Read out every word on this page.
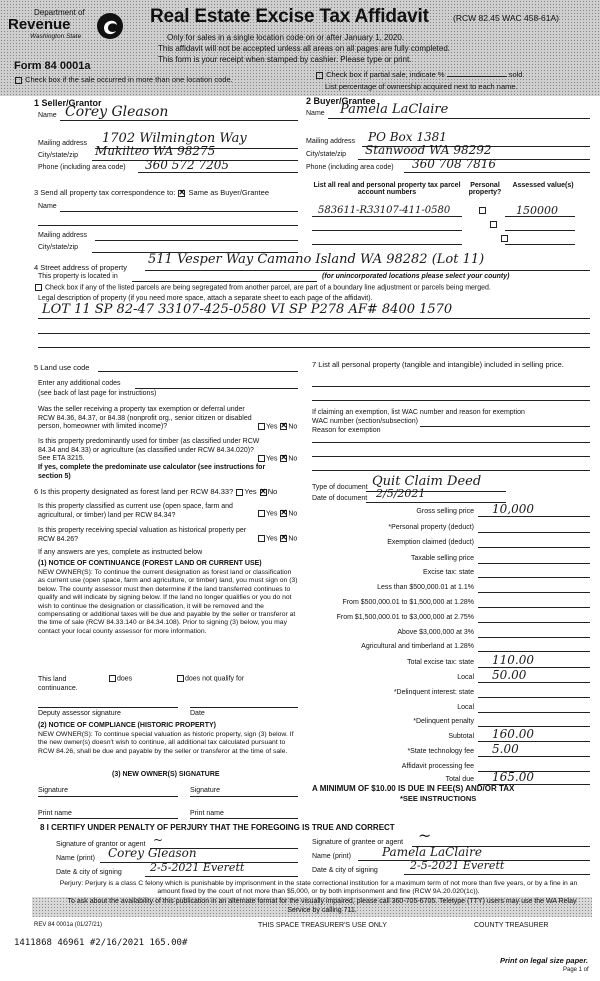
Department of
Revenue
Washington State
Form 84 0001a
Real Estate Excise Tax Affidavit	(RCW 82.45 WAC 458-61A)
Only for sales in a single location code on or after January 1, 2020.
This affidavit will not be accepted unless all areas on all pages are fully completed.
This form is your receipt when stamped by cashier. Please type or print.
Check box if the sale occurred in more than one location code.
Check box if partial sale, indicate %	sold.
List percentage of ownership acquired next to each name.
1 Seller/Grantor
Name Corey Gleason
Mailing address 1702 Wilmington Way
City/state/zip Mukilteo WA 98275
Phone (including area code) 360 572 7205
2 Buyer/Grantee
Name Pamela LaClaire
Mailing address PO Box 1381
City/state/zip Stanwood WA 98292
Phone (including area code) 360 708 7816
3 Send all property tax correspondence to: ✕ Same as Buyer/Grantee
Name
Mailing address
City/state/zip
List all real and personal property tax parcel account numbers
Personal property?
Assessed value(s)
583611-R33107-411-0580
	150000
4 Street address of property
511 Vesper Way Camano Island WA 98282 (Lot 11)
This property is located in	(for unincorporated locations please select your county)
Check box if any of the listed parcels are being segregated from another parcel, are part of a boundary line adjustment or parcels being merged.
Legal description of property (if you need more space, attach a separate sheet to each page of the affidavit).
LOT 11 SP 82-47 33107-425-0580 VI SP P278 AF# 8400 1570
5 Land use code
Enter any additional codes
(see back of last page for instructions)
Was the seller receiving a property tax exemption or deferral under RCW 84.36, 84.37, or 84.38 (nonprofit org., senior citizen or disabled person, homeowner with limited income)?	Yes ✕ No
Is this property predominantly used for timber (as classified under RCW 84.34 and 84.33) or agriculture (as classified under RCW 84.34.020)? See ETA 3215.	Yes ✕ No
If yes, complete the predominate use calculator (see instructions for section 5)
6 Is this property designated as forest land per RCW 84.33? Yes ✕ No
Is this property classified as current use (open space, farm and agricultural, or timber) land per RCW 84.34?	Yes ✕ No
Is this property receiving special valuation as historical property per RCW 84.26?	Yes ✕ No
If any answers are yes, complete as instructed below
(1) NOTICE OF CONTINUANCE (FOREST LAND OR CURRENT USE)
NEW OWNER(S): To continue the current designation as forest land or classification as current use (open space, farm and agriculture, or timber) land, you must sign on (3) below. The county assessor must then determine if the land transferred continues to qualify and will indicate by signing below. If the land no longer qualifies or you do not wish to continue the designation or classification, it will be removed and the compensating or additional taxes will be due and payable by the seller or transferor at the time of sale (RCW 84.33.140 or 84.34.108). Prior to signing (3) below, you may contact your local county assessor for more information.
This land	does	does not qualify for
continuance.
Deputy assessor signature	Date
(2) NOTICE OF COMPLIANCE (HISTORIC PROPERTY)
NEW OWNER(S): To continue special valuation as historic property, sign (3) below. If the new owner(s) doesn't wish to continue, all additional tax calculated pursuant to RCW 84.26, shall be due and payable by the seller or transferor at the time of sale.
(3) NEW OWNER(S) SIGNATURE
Signature	Signature
Print name	Print name
7 List all personal property (tangible and intangible) included in selling price.
If claiming an exemption, list WAC number and reason for exemption
WAC number (section/subsection)
Reason for exemption
Type of document Quit Claim Deed
Date of document 2/5/2021
Gross selling price 10,000
*Personal property (deduct)
Exemption claimed (deduct)
Taxable selling price
Excise tax: state
Less than $500,000.01 at 1.1%
From $500,000.01 to $1,500,000 at 1.28%
From $1,500,000.01 to $3,000,000 at 2.75%
Above $3,000,000 at 3%
Agricultural and timberland at 1.28%
Total excise tax: state 110.00
Local 50.00
*Delinquent interest: state
Local
*Delinquent penalty
Subtotal 160.00
*State technology fee 5.00
Affidavit processing fee
Total due 165.00
A MINIMUM OF $10.00 IS DUE IN FEE(S) AND/OR TAX
*SEE INSTRUCTIONS
8 I CERTIFY UNDER PENALTY OF PERJURY THAT THE FOREGOING IS TRUE AND CORRECT
Signature of grantor or agent ~
Name (print) Corey Gleason
Date & city of signing	2-5-2021 Everett
Signature of grantee or agent ~
Name (print)	Pamela LaClaire
Date & city of signing	2-5-2021 Everett
Perjury: Perjury is a class C felony which is punishable by imprisonment in the state correctional institution for a maximum term of not more than five years, or by a fine in an amount fixed by the court of not more than $5,000, or by both imprisonment and fine (RCW 9A.20.020(1c)).
To ask about the availability of this publication in an alternate format for the visually impaired, please call 360-705-6705. Teletype (TTY) users may use the WA Relay Service by calling 711.
REV 84 0001a (01/27/21)	THIS SPACE TREASURER'S USE ONLY	COUNTY TREASURER
1411868 46961 #2/16/2021 165.00#
Print on legal size paper.
Page 1 of
